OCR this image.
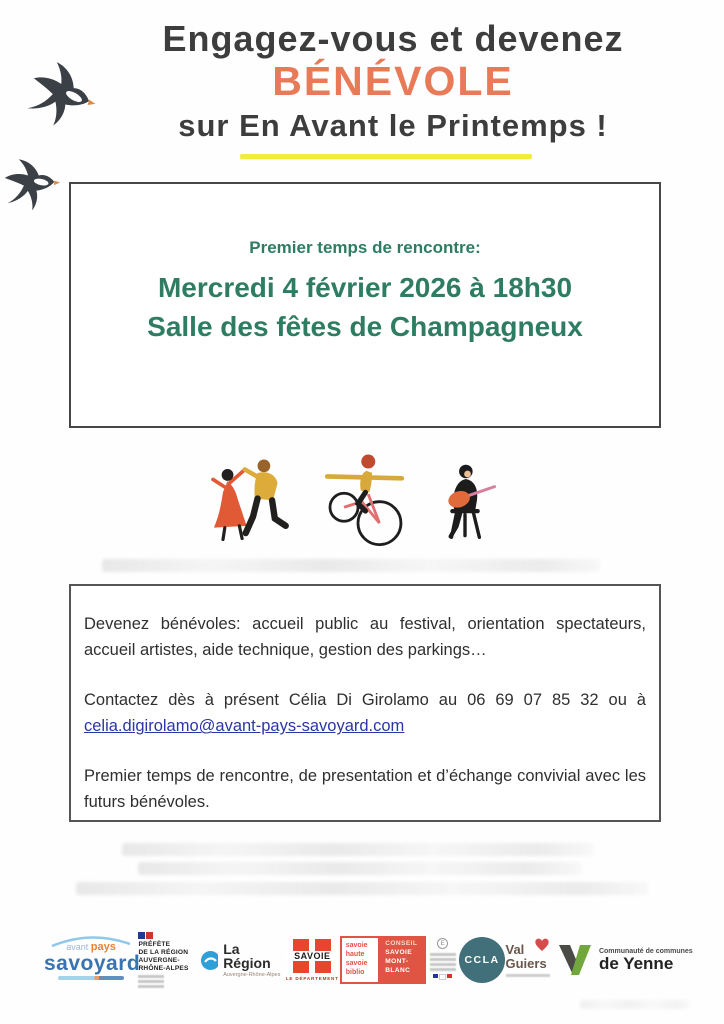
Engagez-vous et devenez
BÉNÉVOLE
sur En Avant le Printemps !
Premier temps de rencontre:
Mercredi 4 février 2026 à 18h30
Salle des fêtes de Champagneux

Devenez bénévoles: accueil public au festival, orientation spectateurs, accueil artistes, aide technique, gestion des parkings…

Contactez dès à présent Célia Di Girolamo au 06 69 07 85 32 ou à celia.digirolamo@avant-pays-savoyard.com

Premier temps de rencontre, de presentation et d’échange convivial avec les futurs bénévoles.

avant pays
savoyard
PRÉFÈTE
DE LA RÉGION
AUVERGNE-
RHÔNE-ALPES
La Région
Auvergne-Rhône-Alpes
SAVOIE
LE DÉPARTEMENT
savoie
haute
savoie
biblio
CONSEIL
SAVOIE
MONT-
BLANC
E
CCLA
Val
Guiers
Communauté de communes
de Yenne
